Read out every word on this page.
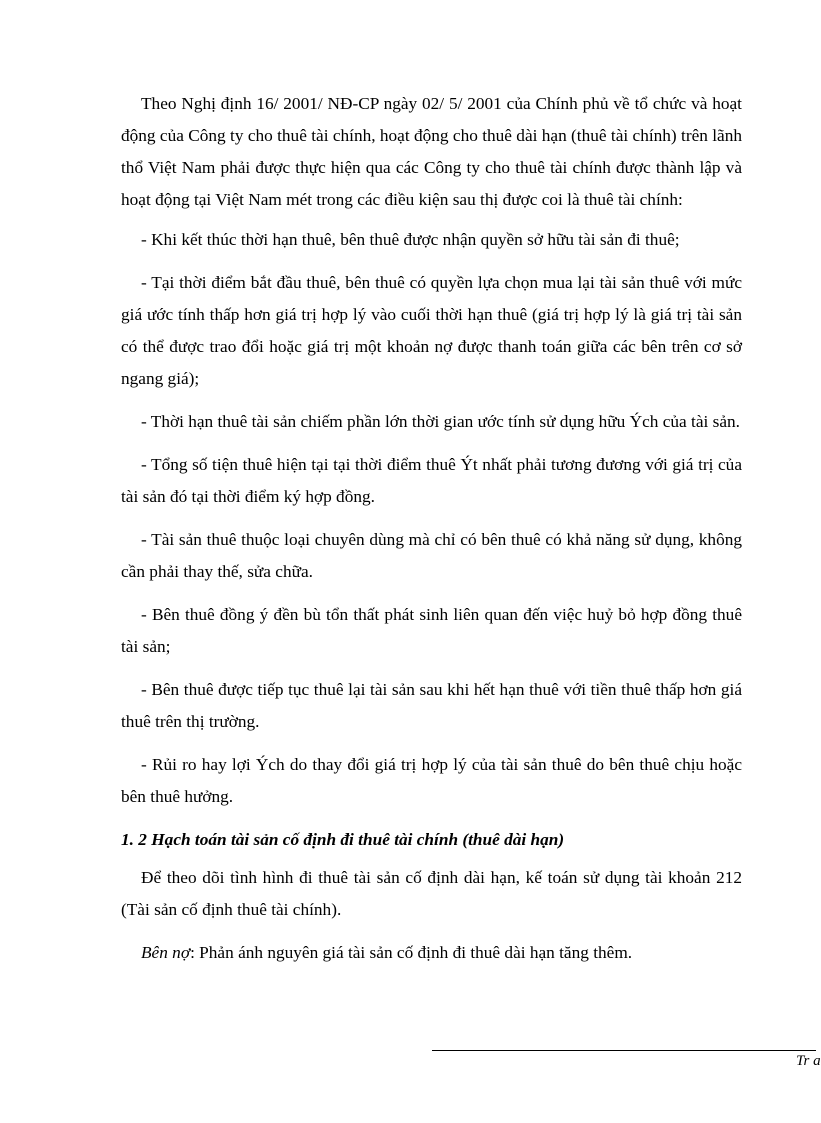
Theo Nghị định 16/ 2001/ NĐ-CP ngày 02/ 5/ 2001 của Chính phủ về tổ chức và hoạt động của Công ty cho thuê tài chính, hoạt động cho thuê dài hạn (thuê tài chính) trên lãnh thổ Việt Nam phải được thực hiện qua các Công ty cho thuê tài chính được thành lập và hoạt động tại Việt Nam mét trong các điều kiện sau thị được coi là thuê tài chính:

- Khi kết thúc thời hạn thuê, bên thuê được nhận quyền sở hữu tài sản đi thuê;

- Tại thời điểm bắt đầu thuê, bên thuê có quyền lựa chọn mua lại tài sản thuê với mức giá ước tính thấp hơn giá trị hợp lý vào cuối thời hạn thuê (giá trị hợp lý là giá trị tài sản có thể được trao đổi hoặc giá trị một khoản nợ được thanh toán giữa các bên trên cơ sở ngang giá);

- Thời hạn thuê tài sản chiếm phần lớn thời gian ước tính sử dụng hữu Ých của tài sản.

- Tổng số tiện thuê hiện tại tại thời điểm thuê Ýt nhất phải tương đương với giá trị của tài sản đó tại thời điểm ký hợp đồng.

- Tài sản thuê thuộc loại chuyên dùng mà chỉ có bên thuê có khả năng sử dụng, không cần phải thay thế, sửa chữa.

- Bên thuê đồng ý đền bù tổn thất phát sinh liên quan đến việc huỷ bỏ hợp đồng thuê tài sản;

- Bên thuê được tiếp tục thuê lại tài sản sau khi hết hạn thuê với tiền thuê thấp hơn giá thuê trên thị trường.

- Rủi ro hay lợi Ých do thay đổi giá trị hợp lý của tài sản thuê do bên thuê chịu hoặc bên thuê hưởng.

1. 2 Hạch toán tài sản cố định đi thuê tài chính (thuê dài hạn)

Để theo dõi tình hình đi thuê tài sản cố định dài hạn, kế toán sử dụng tài khoản 212 (Tài sản cố định thuê tài chính).

Bên nợ: Phản ánh nguyên giá tài sản cố định đi thuê dài hạn tăng thêm.

Tr a
